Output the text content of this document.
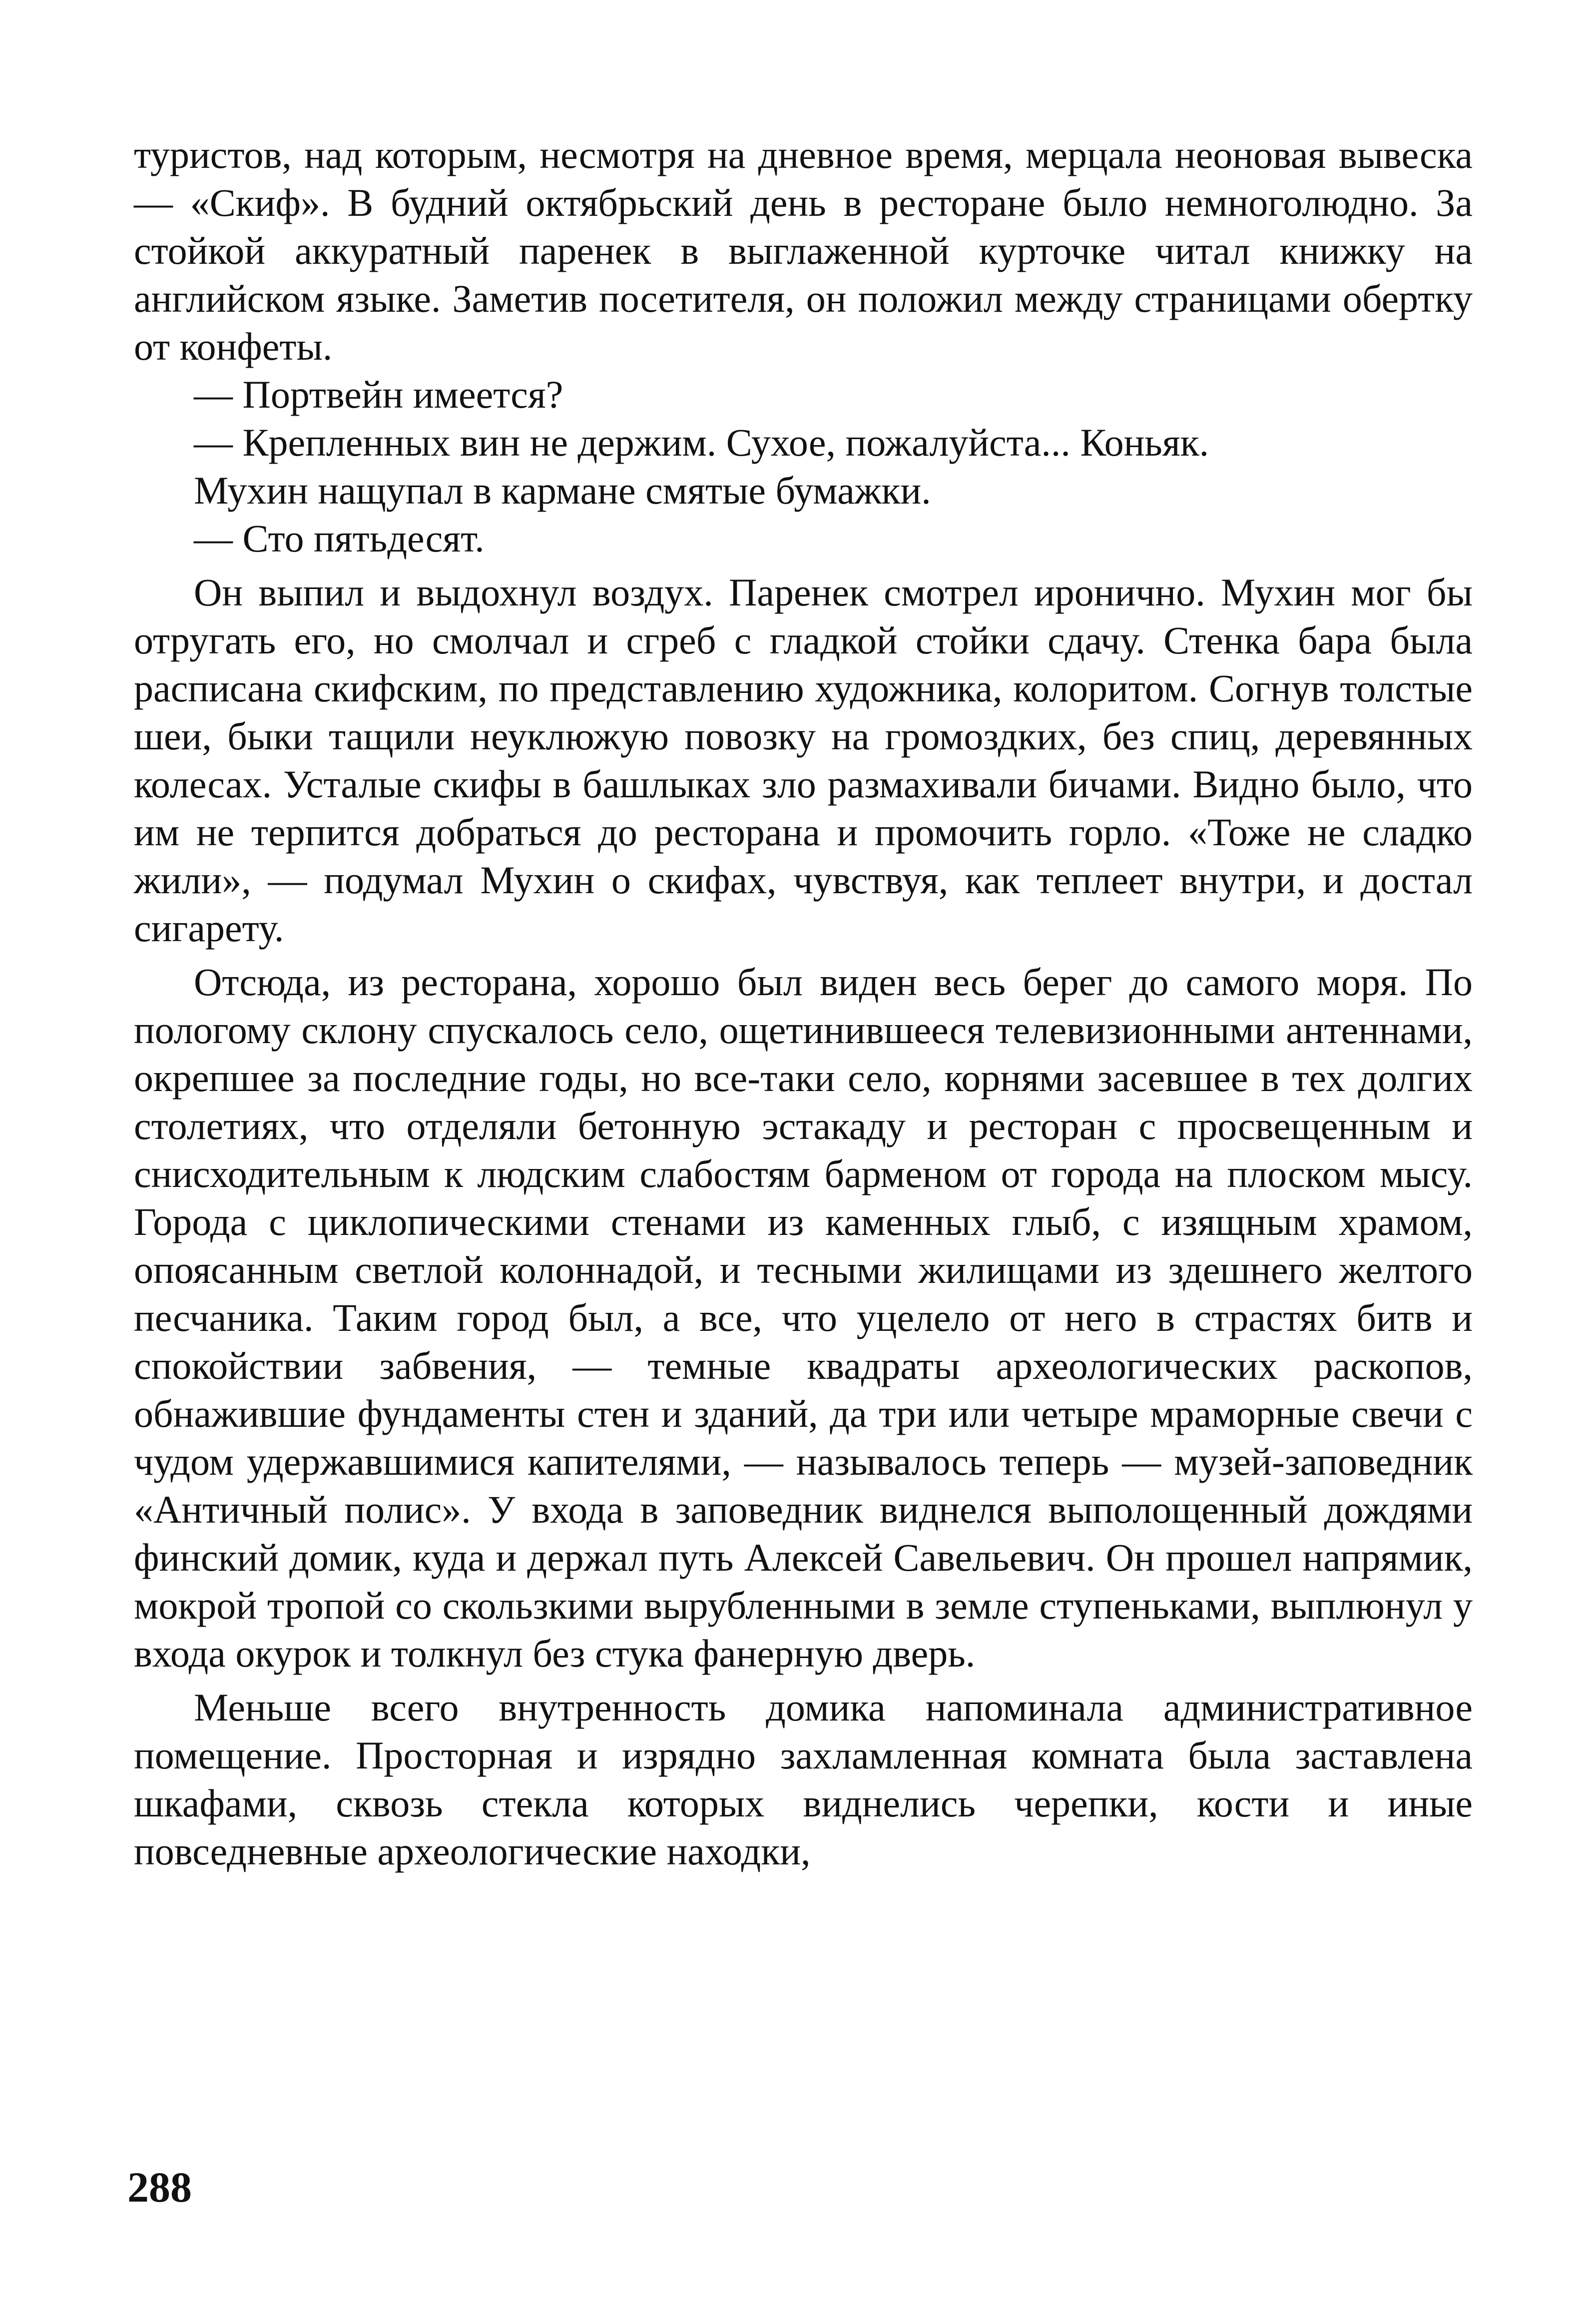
туристов, над которым, несмотря на дневное время, мерцала неоновая вывеска — «Скиф». В будний октябрьский день в ресторане было немноголюдно. За стойкой аккуратный паренек в выглаженной курточке читал книжку на английском языке. Заметив посетителя, он положил между страницами обертку от конфеты.

— Портвейн имеется?

— Крепленных вин не держим. Сухое, пожалуйста... Коньяк.

Мухин нащупал в кармане смятые бумажки.

— Сто пятьдесят.

Он выпил и выдохнул воздух. Паренек смотрел иронично. Мухин мог бы отругать его, но смолчал и сгреб с гладкой стойки сдачу. Стенка бара была расписана скифским, по представлению художника, колоритом. Согнув толстые шеи, быки тащили неуклюжую повозку на громоздких, без спиц, деревянных колесах. Усталые скифы в башлыках зло размахивали бичами. Видно было, что им не терпится добраться до ресторана и промочить горло. «Тоже не сладко жили», — подумал Мухин о скифах, чувствуя, как теплеет внутри, и достал сигарету.

Отсюда, из ресторана, хорошо был виден весь берег до самого моря. По пологому склону спускалось село, ощетинившееся телевизионными антеннами, окрепшее за последние годы, но все-таки село, корнями засевшее в тех долгих столетиях, что отделяли бетонную эстакаду и ресторан с просвещенным и снисходительным к людским слабостям барменом от города на плоском мысу. Города с циклопическими стенами из каменных глыб, с изящным храмом, опоясанным светлой колоннадой, и тесными жилищами из здешнего желтого песчаника. Таким город был, а все, что уцелело от него в страстях битв и спокойствии забвения, — темные квадраты археологических раскопов, обнажившие фундаменты стен и зданий, да три или четыре мраморные свечи с чудом удержавшимися капителями, — называлось теперь — музей-заповедник «Античный полис». У входа в заповедник виднелся выполощенный дождями финский домик, куда и держал путь Алексей Савельевич. Он прошел напрямик, мокрой тропой со скользкими вырубленными в земле ступеньками, выплюнул у входа окурок и толкнул без стука фанерную дверь.

Меньше всего внутренность домика напоминала административное помещение. Просторная и изрядно захламленная комната была заставлена шкафами, сквозь стекла которых виднелись черепки, кости и иные повседневные археологические находки,

288
